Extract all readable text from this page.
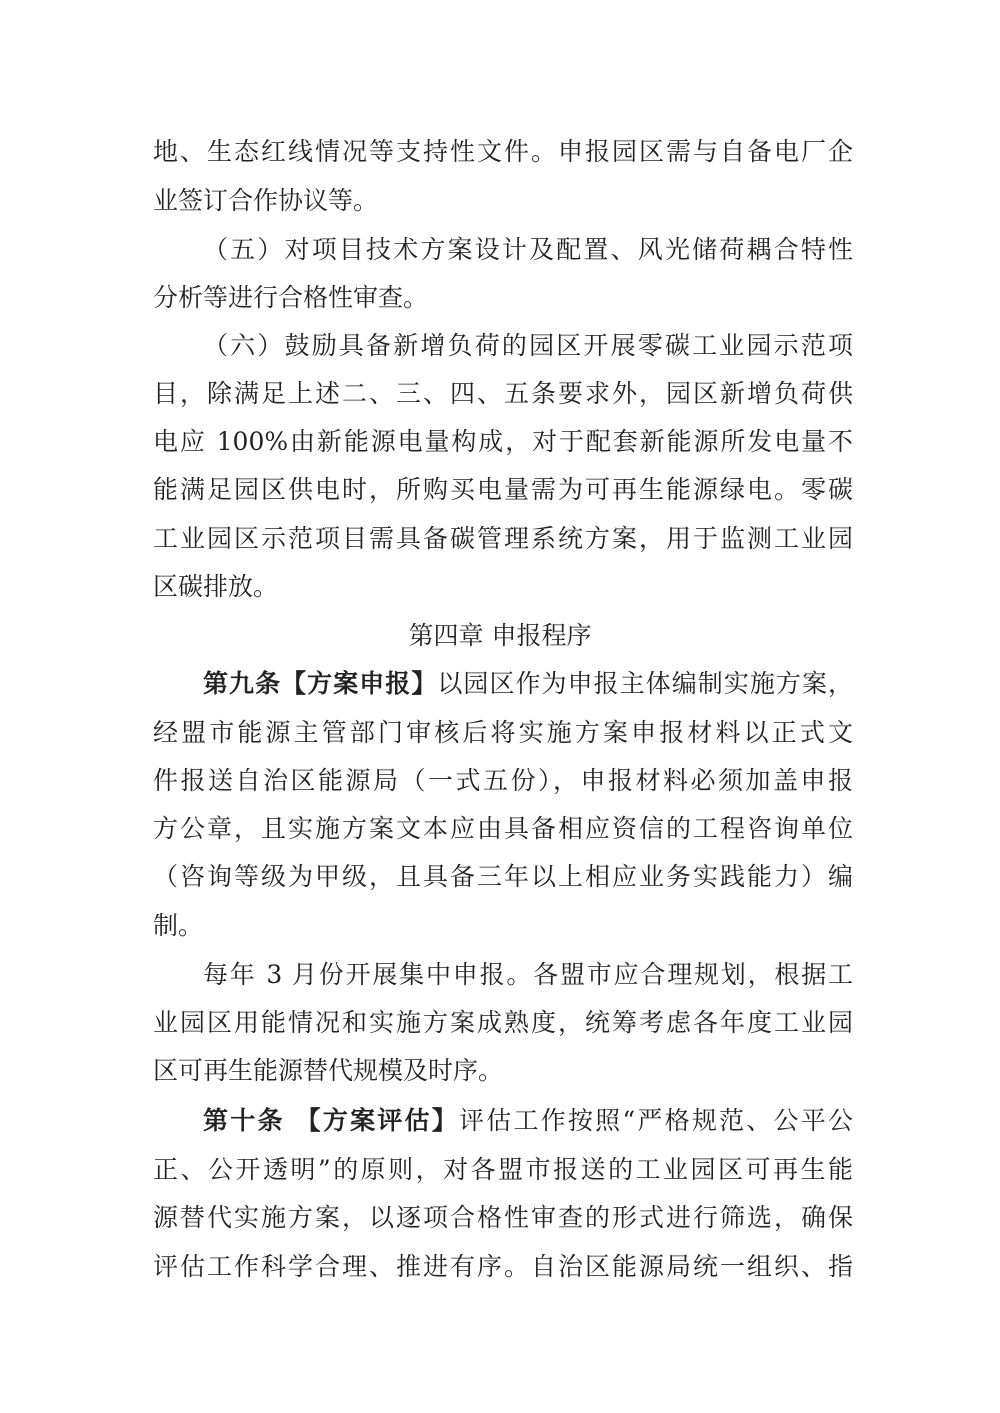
地、生态红线情况等支持性文件。申报园区需与自备电厂企
业签订合作协议等。
（五）对项目技术方案设计及配置、风光储荷耦合特性
分析等进行合格性审查。
（六）鼓励具备新增负荷的园区开展零碳工业园示范项
目，除满足上述二、三、四、五条要求外，园区新增负荷供
电应 100%由新能源电量构成，对于配套新能源所发电量不
能满足园区供电时，所购买电量需为可再生能源绿电。零碳
工业园区示范项目需具备碳管理系统方案，用于监测工业园
区碳排放。
第四章 申报程序
第九条【方案申报】以园区作为申报主体编制实施方案，
经盟市能源主管部门审核后将实施方案申报材料以正式文
件报送自治区能源局（一式五份），申报材料必须加盖申报
方公章，且实施方案文本应由具备相应资信的工程咨询单位
（咨询等级为甲级，且具备三年以上相应业务实践能力）编
制。
每年 3 月份开展集中申报。各盟市应合理规划，根据工
业园区用能情况和实施方案成熟度，统筹考虑各年度工业园
区可再生能源替代规模及时序。
第十条 【方案评估】评估工作按照“严格规范、公平公
正、公开透明”的原则，对各盟市报送的工业园区可再生能
源替代实施方案，以逐项合格性审查的形式进行筛选，确保
评估工作科学合理、推进有序。自治区能源局统一组织、指
